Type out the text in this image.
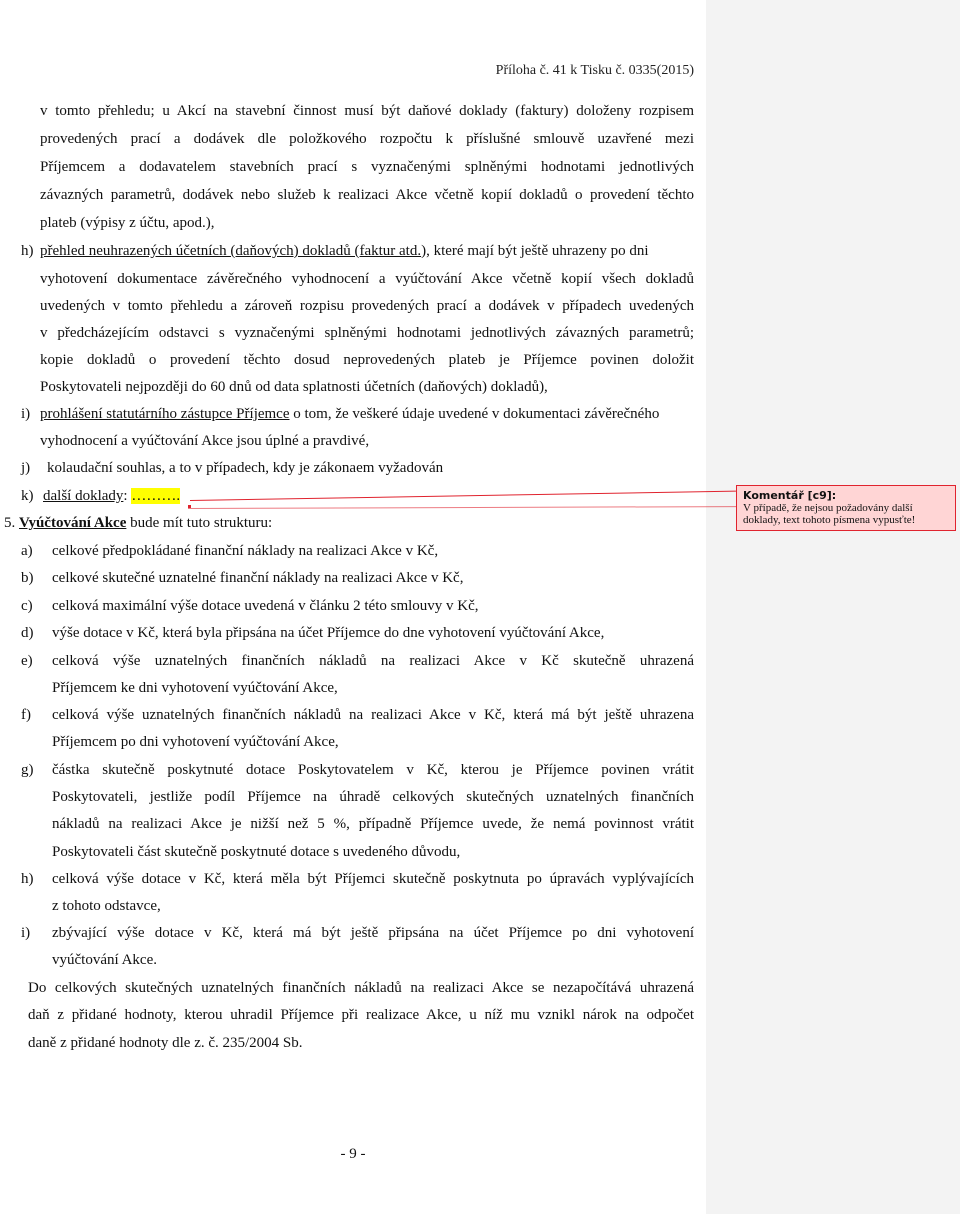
Příloha č. 41 k Tisku č. 0335(2015)
v tomto přehledu; u Akcí na stavební činnost musí být daňové doklady (faktury) doloženy rozpisem
provedených prací a dodávek dle položkového rozpočtu k příslušné smlouvě uzavřené mezi
Příjemcem a dodavatelem stavebních prací s vyznačenými splněnými hodnotami jednotlivých
závazných parametrů, dodávek nebo služeb k realizaci Akce včetně kopií dokladů o provedení těchto
plateb (výpisy z účtu, apod.),
h) přehled neuhrazených účetních (daňových) dokladů (faktur atd.), které mají být ještě uhrazeny po dni
vyhotovení dokumentace závěrečného vyhodnocení a vyúčtování Akce včetně kopií všech dokladů
uvedených v tomto přehledu a zároveň rozpisu provedených prací a dodávek v případech uvedených
v předcházejícím odstavci s vyznačenými splněnými hodnotami jednotlivých závazných parametrů;
kopie dokladů o provedení těchto dosud neprovedených plateb je Příjemce povinen doložit
Poskytovateli nejpozději do 60 dnů od data splatnosti účetních (daňových) dokladů),
i) prohlášení statutárního zástupce Příjemce o tom, že veškeré údaje uvedené v dokumentaci závěrečného
vyhodnocení a vyúčtování Akce jsou úplné a pravdivé,
j) kolaudační souhlas, a to v případech, kdy je zákonaem vyžadován
k) další doklady: ……….
5. Vyúčtování Akce bude mít tuto strukturu:
a) celkové předpokládané finanční náklady na realizaci Akce v Kč,
b) celkové skutečné uznatelné finanční náklady na realizaci Akce v Kč,
c) celková maximální výše dotace uvedená v článku 2 této smlouvy v Kč,
d) výše dotace v Kč, která byla připsána na účet Příjemce do dne vyhotovení vyúčtování Akce,
e) celková výše uznatelných finančních nákladů na realizaci Akce v Kč skutečně uhrazená
Příjemcem ke dni vyhotovení vyúčtování Akce,
f) celková výše uznatelných finančních nákladů na realizaci Akce v Kč, která má být ještě uhrazena
Příjemcem po dni vyhotovení vyúčtování Akce,
g) částka skutečně poskytnuté dotace Poskytovatelem v Kč, kterou je Příjemce povinen vrátit
Poskytovateli, jestliže podíl Příjemce na úhradě celkových skutečných uznatelných finančních
nákladů na realizaci Akce je nižší než 5 %, případně Příjemce uvede, že nemá povinnost vrátit
Poskytovateli část skutečně poskytnuté dotace s uvedeného důvodu,
h) celková výše dotace v Kč, která měla být Příjemci skutečně poskytnuta po úpravách vyplývajících
z tohoto odstavce,
i) zbývající výše dotace v Kč, která má být ještě připsána na účet Příjemce po dni vyhotovení
vyúčtování Akce.
Do celkových skutečných uznatelných finančních nákladů na realizaci Akce se nezapočítává uhrazená
daň z přidané hodnoty, kterou uhradil Příjemce při realizace Akce, u níž mu vznikl nárok na odpočet
daně z přidané hodnoty dle z. č. 235/2004 Sb.
- 9 -
Komentář [c9]:
V případě, že nejsou požadovány další doklady, text tohoto písmena vypusťte!
